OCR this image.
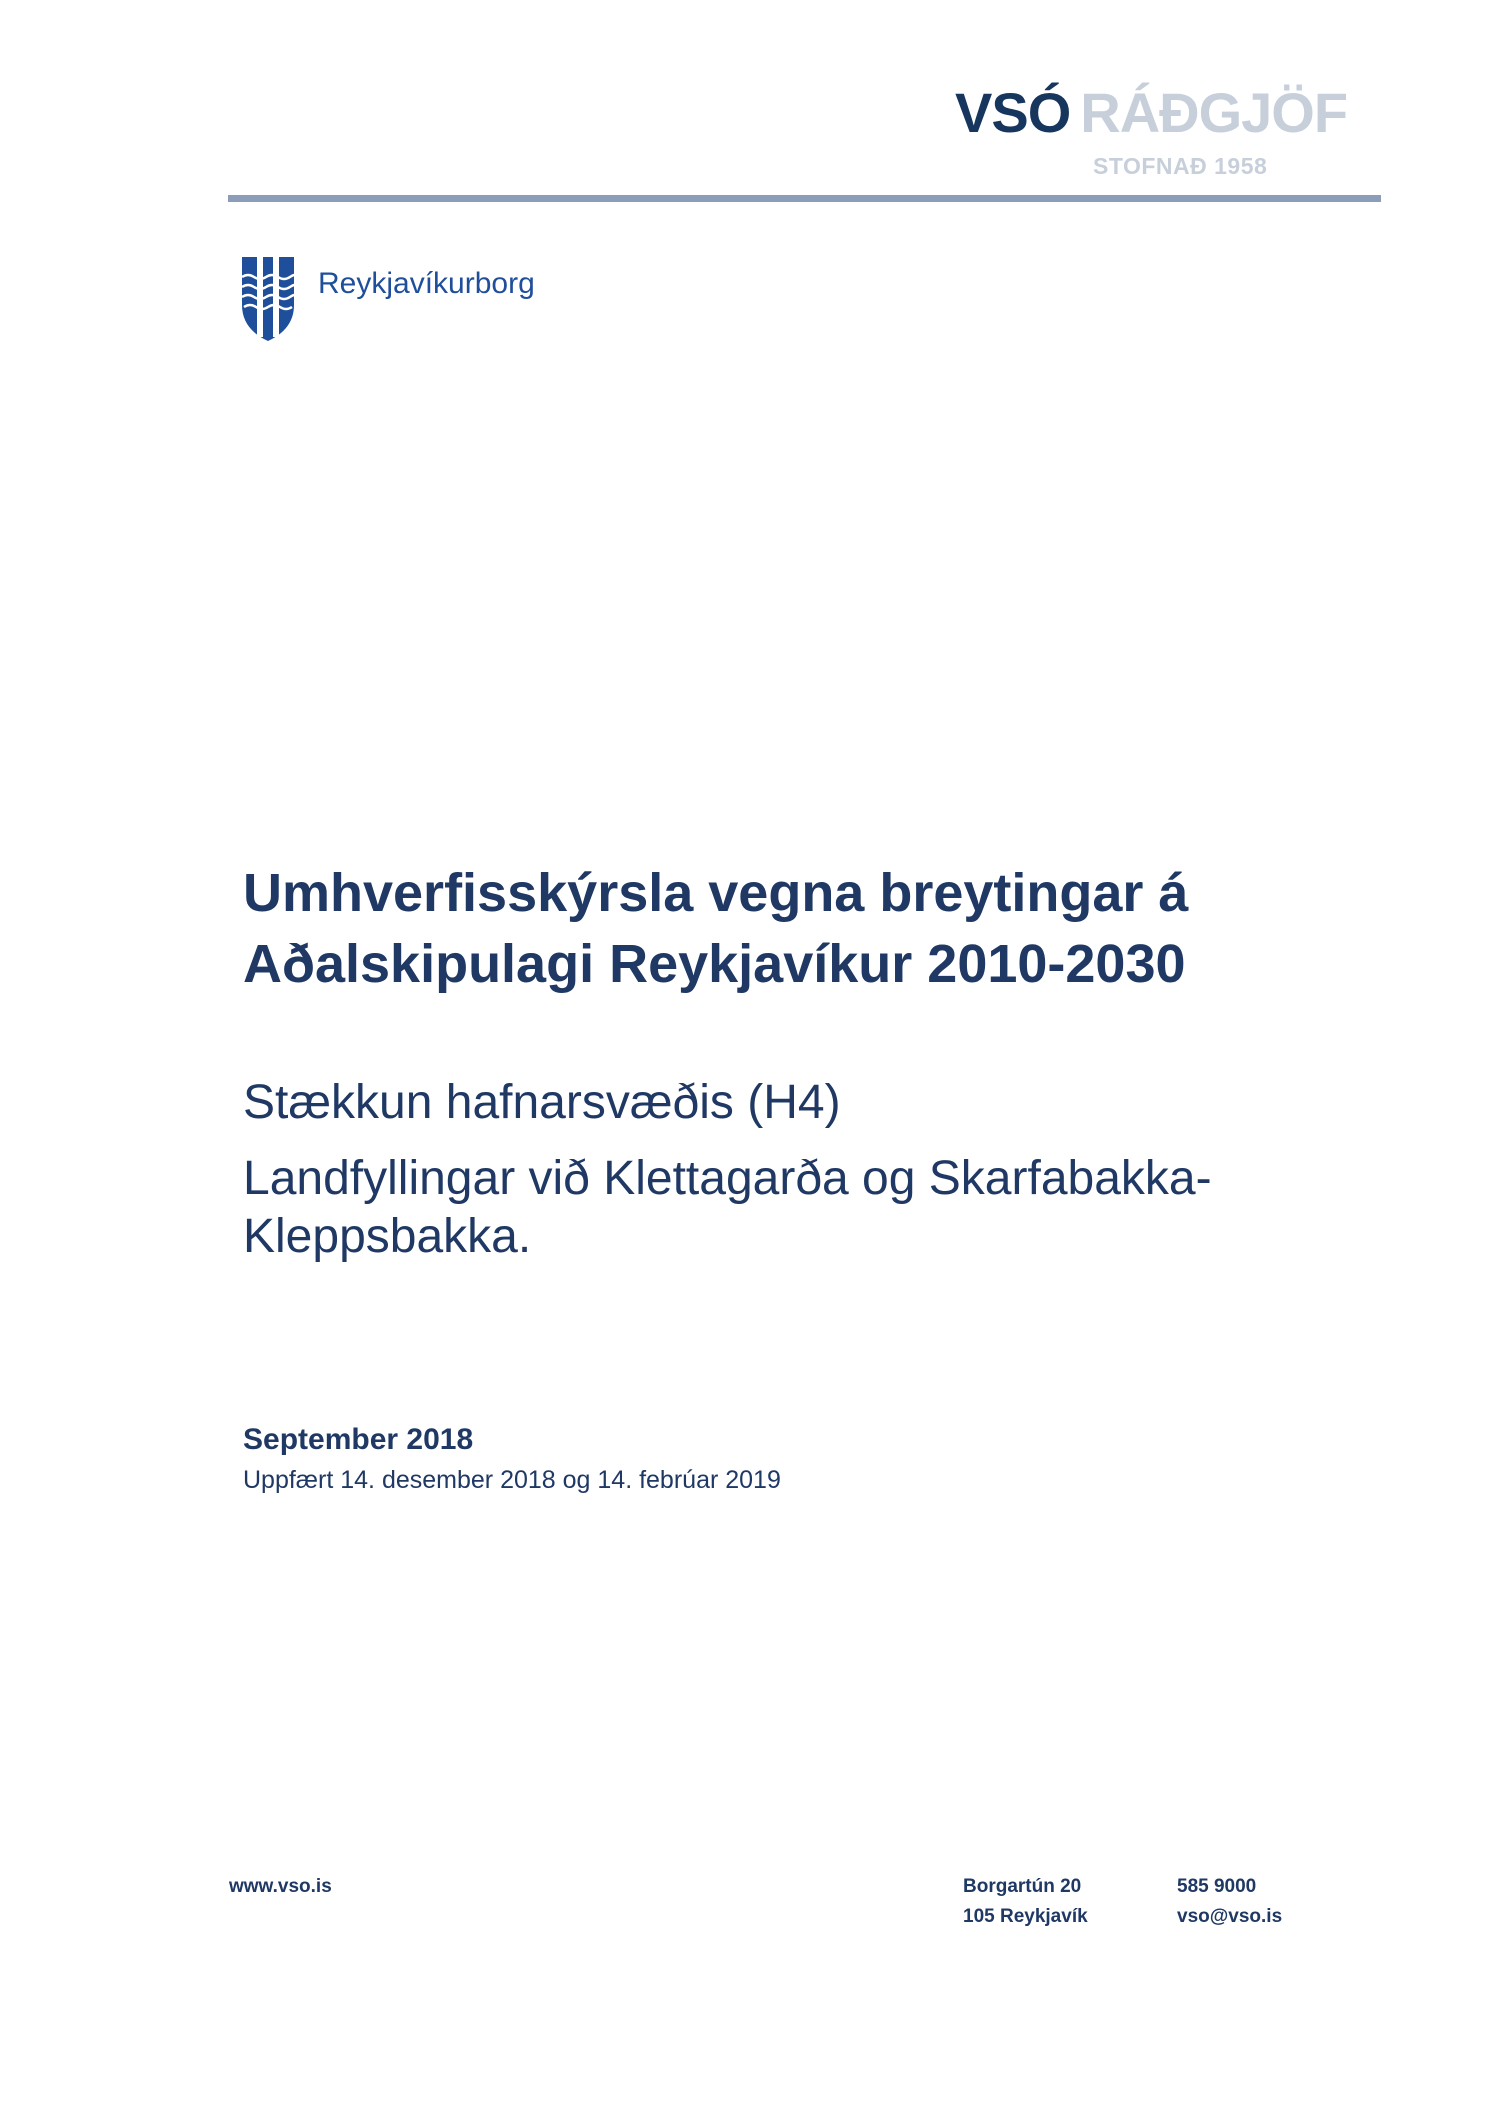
VSÓ RÁÐGJÖF
STOFNAÐ 1958
Reykjavíkurborg
Umhverfisskýrsla vegna breytingar á
Aðalskipulagi Reykjavíkur 2010-2030
Stækkun hafnarsvæðis (H4)
Landfyllingar við Klettagarða og Skarfabakka-
Kleppsbakka.
September 2018
Uppfært 14. desember 2018 og 14. febrúar 2019
www.vso.is	Borgartún 20
105 Reykjavík
585 9000
vso@vso.is
